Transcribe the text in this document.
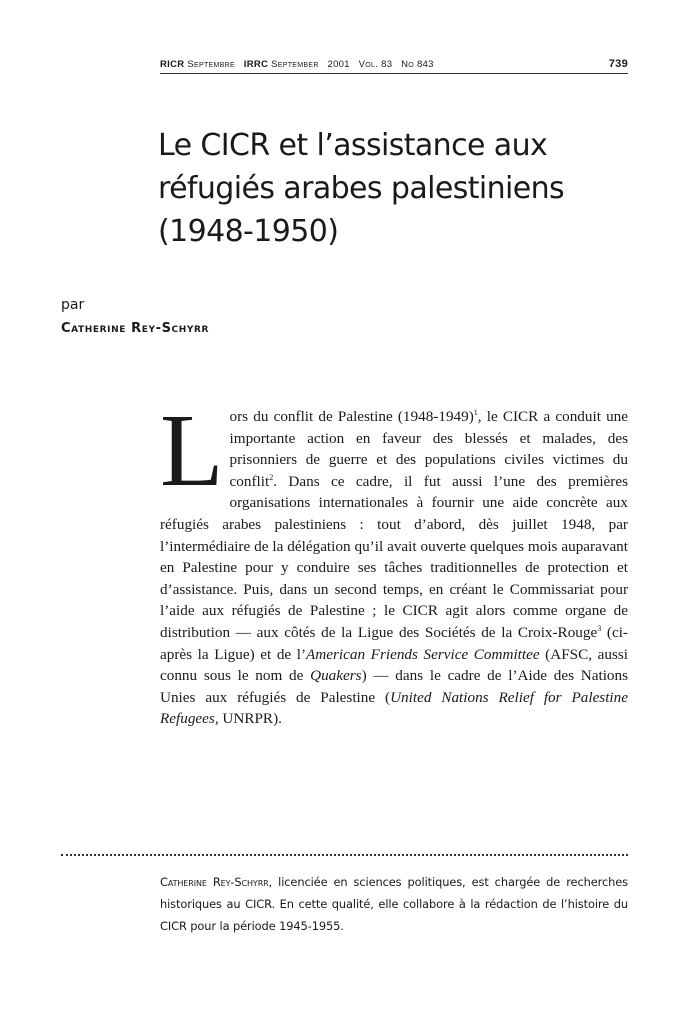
RICR Septembre IRRC September 2001 Vol. 83 No 843	739
Le CICR et l’assistance aux réfugiés arabes palestiniens (1948-1950)
par
Catherine Rey-Schyrr
Lors du conflit de Palestine (1948-1949)$^1$, le CICR a conduit une importante action en faveur des blessés et malades, des prisonniers de guerre et des populations civiles victimes du conflit$^2$. Dans ce cadre, il fut aussi l’une des premières organisations internationales à fournir une aide concrète aux réfugiés arabes palestiniens : tout d’abord, dès juillet 1948, par l’intermédiaire de la délégation qu’il avait ouverte quelques mois auparavant en Palestine pour y conduire ses tâches traditionnelles de protection et d’assistance. Puis, dans un second temps, en créant le Commissariat pour l’aide aux réfugiés de Palestine ; le CICR agit alors comme organe de distribution — aux côtés de la Ligue des Sociétés de la Croix-Rouge$^3$ (ci-après la Ligue) et de l’American Friends Service Committee (AFSC, aussi connu sous le nom de Quakers) — dans le cadre de l’Aide des Nations Unies aux réfugiés de Palestine (United Nations Relief for Palestine Refugees, UNRPR).
Catherine Rey-Schyrr, licenciée en sciences politiques, est chargée de recherches historiques au CICR. En cette qualité, elle collabore à la rédaction de l’histoire du CICR pour la période 1945-1955.
